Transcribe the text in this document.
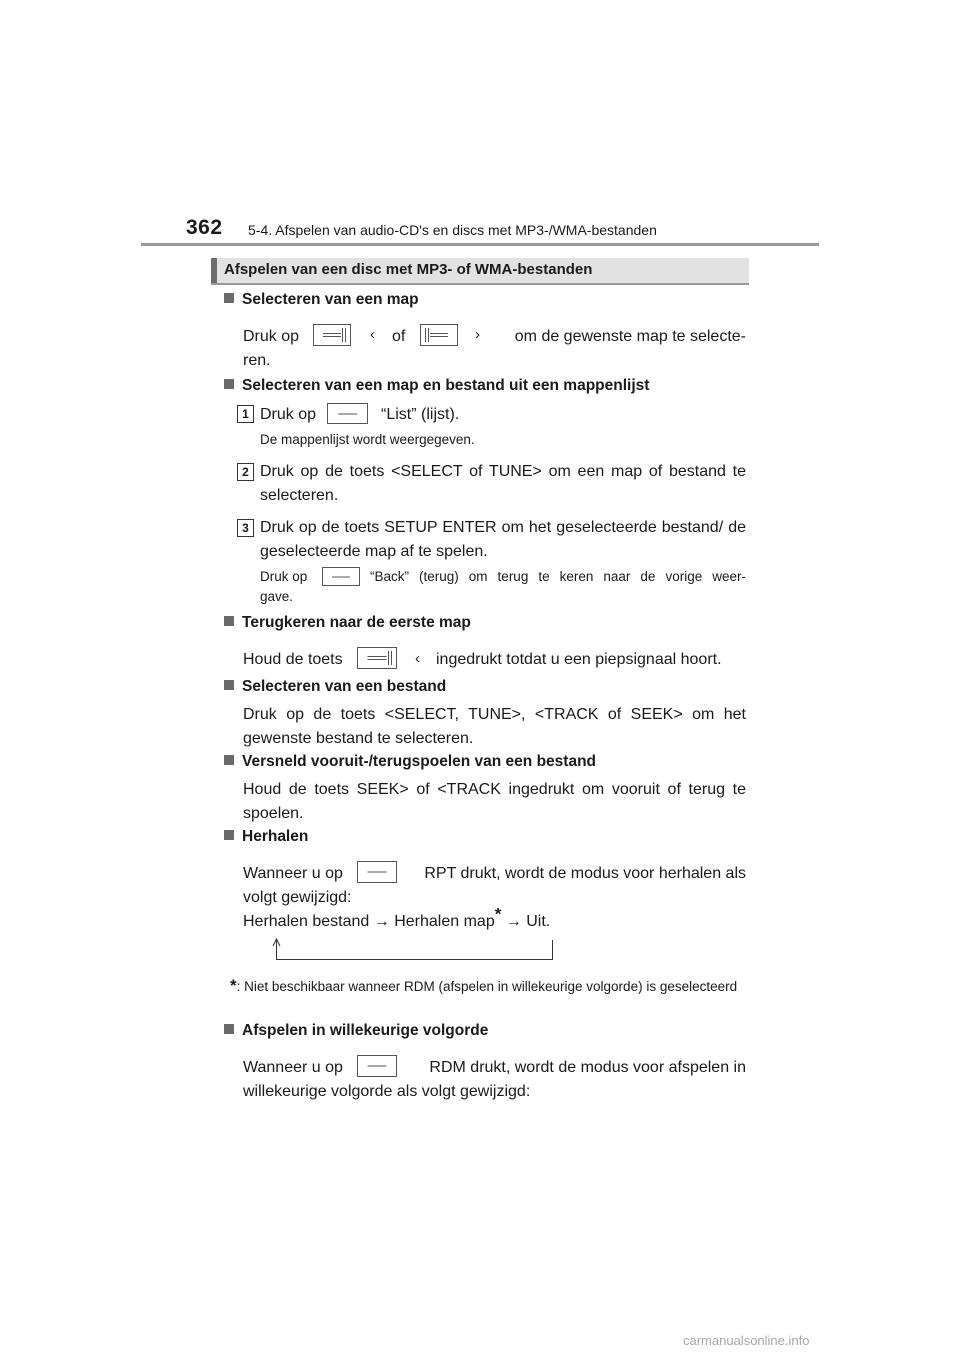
362 5-4. Afspelen van audio-CD's en discs met MP3-/WMA-bestanden
Afspelen van een disc met MP3- of WMA-bestanden
Selecteren van een map
Druk op	‹ of	›	om de gewenste map te selecte-
ren.
Selecteren van een map en bestand uit een mappenlijst
1 Druk op	“List” (lijst).
De mappenlijst wordt weergegeven.
2 Druk op de toets <SELECT of TUNE> om een map of bestand te selecteren.
3 Druk op de toets SETUP ENTER om het geselecteerde bestand/ de geselecteerde map af te spelen.
Druk op	“Back” (terug) om terug te keren naar de vorige weer-
gave.
Terugkeren naar de eerste map
Houd de toets	‹ ingedrukt totdat u een piepsignaal hoort.
Selecteren van een bestand
Druk op de toets <SELECT, TUNE>, <TRACK of SEEK> om het gewenste bestand te selecteren.
Versneld vooruit-/terugspoelen van een bestand
Houd de toets SEEK> of <TRACK ingedrukt om vooruit of terug te spoelen.
Herhalen
Wanneer u op	RPT drukt, wordt de modus voor herhalen als
volgt gewijzigd:
Herhalen bestand → Herhalen map* → Uit.
*: Niet beschikbaar wanneer RDM (afspelen in willekeurige volgorde) is geselecteerd
Afspelen in willekeurige volgorde
Wanneer u op	RDM drukt, wordt de modus voor afspelen in
willekeurige volgorde als volgt gewijzigd:
carmanualsonline.info
